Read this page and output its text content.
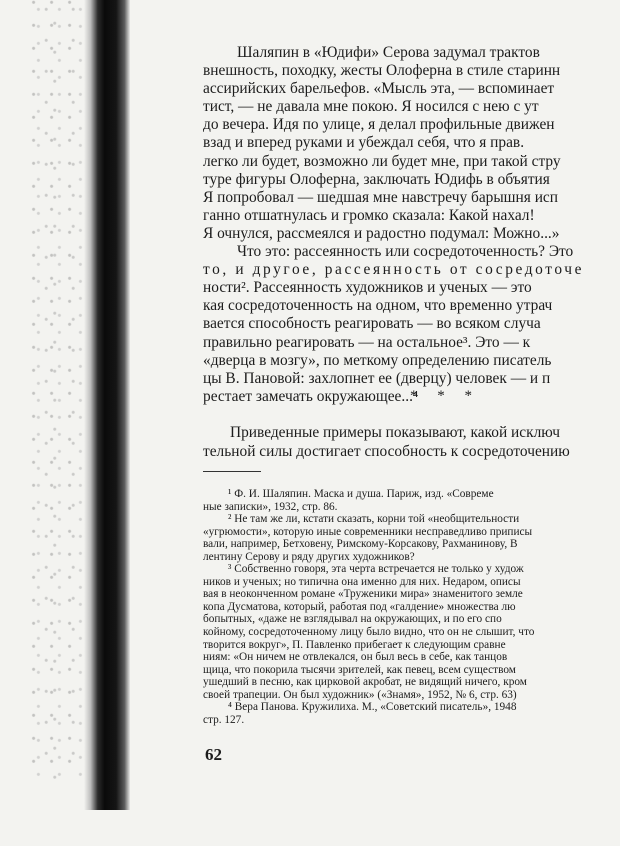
Шаляпин в «Юдифи» Серова задумал трактов
внешность, походку, жесты Олоферна в стиле старинн
ассирийских барельефов. «Мысль эта, — вспоминает
тист, — не давала мне покою. Я носился с нею с ут
до вечера. Идя по улице, я делал профильные движен
взад и вперед руками и убеждал себя, что я прав.
легко ли будет, возможно ли будет мне, при такой стру
туре фигуры Олоферна, заключать Юдифь в объятия
Я попробовал — шедшая мне навстречу барышня исп
ганно отшатнулась и громко сказала: Какой нахал!
Я очнулся, рассмеялся и радостно подумал: Можно...»
Что это: рассеянность или сосредоточенность? Это
то, и другое, рассеянность от сосредоточе
ности². Рассеянность художников и ученых — это
кая сосредоточенность на одном, что временно утрач
вается способность реагировать — во всяком случа
правильно реагировать — на остальное³. Это — к
«дверца в мозгу», по меткому определению писатель
цы В. Пановой: захлопнет ее (дверцу) человек — и п
рестает замечать окружающее...⁴
* * *
Приведенные примеры показывают, какой исключ
тельной силы достигает способность к сосредоточению
¹ Ф. И. Шаляпин. Маска и душа. Париж, изд. «Совреме
ные записки», 1932, стр. 86.
² Не там же ли, кстати сказать, корни той «необщительности
«угрюмости», которую иные современники несправедливо приписы
вали, например, Бетховену, Римскому-Корсакову, Рахманинову, В
лентину Серову и ряду других художников?
³ Собственно говоря, эта черта встречается не только у худож
ников и ученых; но типична она именно для них. Недаром, описы
вая в неоконченном романе «Труженики мира» знаменитого земле
копа Дусматова, который, работая под «галдение» множества лю
бопытных, «даже не взглядывал на окружающих, и по его спо
койному, сосредоточенному лицу было видно, что он не слышит, что
творится вокруг», П. Павленко прибегает к следующим сравне
ниям: «Он ничем не отвлекался, он был весь в себе, как танцов
щица, что покорила тысячи зрителей, как певец, всем существом
ушедший в песню, как цирковой акробат, не видящий ничего, кром
своей трапеции. Он был художник» («Знамя», 1952, № 6, стр. 63)
⁴ Вера Панова. Кружилиха. М., «Советский писатель», 1948
стр. 127.
62
